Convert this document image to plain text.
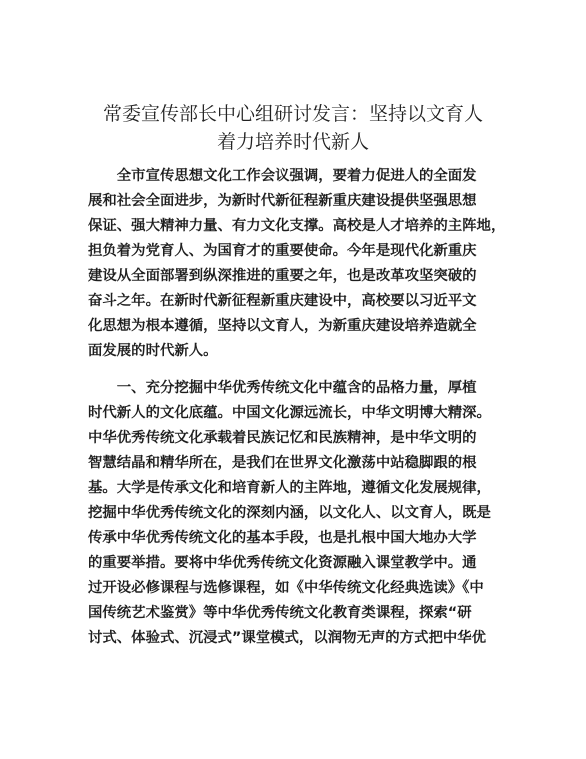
常委宣传部长中心组研讨发言：坚持以文育人
着力培养时代新人
　　全市宣传思想文化工作会议强调，要着力促进人的全面发
展和社会全面进步，为新时代新征程新重庆建设提供坚强思想
保证、强大精神力量、有力文化支撑。高校是人才培养的主阵地，
担负着为党育人、为国育才的重要使命。今年是现代化新重庆
建设从全面部署到纵深推进的重要之年，也是改革攻坚突破的
奋斗之年。在新时代新征程新重庆建设中，高校要以习近平文
化思想为根本遵循，坚持以文育人，为新重庆建设培养造就全
面发展的时代新人。
　　一、充分挖掘中华优秀传统文化中蕴含的品格力量，厚植
时代新人的文化底蕴。中国文化源远流长，中华文明博大精深。
中华优秀传统文化承载着民族记忆和民族精神，是中华文明的
智慧结晶和精华所在，是我们在世界文化激荡中站稳脚跟的根
基。大学是传承文化和培育新人的主阵地，遵循文化发展规律，
挖掘中华优秀传统文化的深刻内涵，以文化人、以文育人，既是
传承中华优秀传统文化的基本手段，也是扎根中国大地办大学
的重要举措。要将中华优秀传统文化资源融入课堂教学中。通
过开设必修课程与选修课程，如《中华传统文化经典选读》《中
国传统艺术鉴赏》等中华优秀传统文化教育类课程，探索“研
讨式、体验式、沉浸式”课堂模式，以润物无声的方式把中华优
